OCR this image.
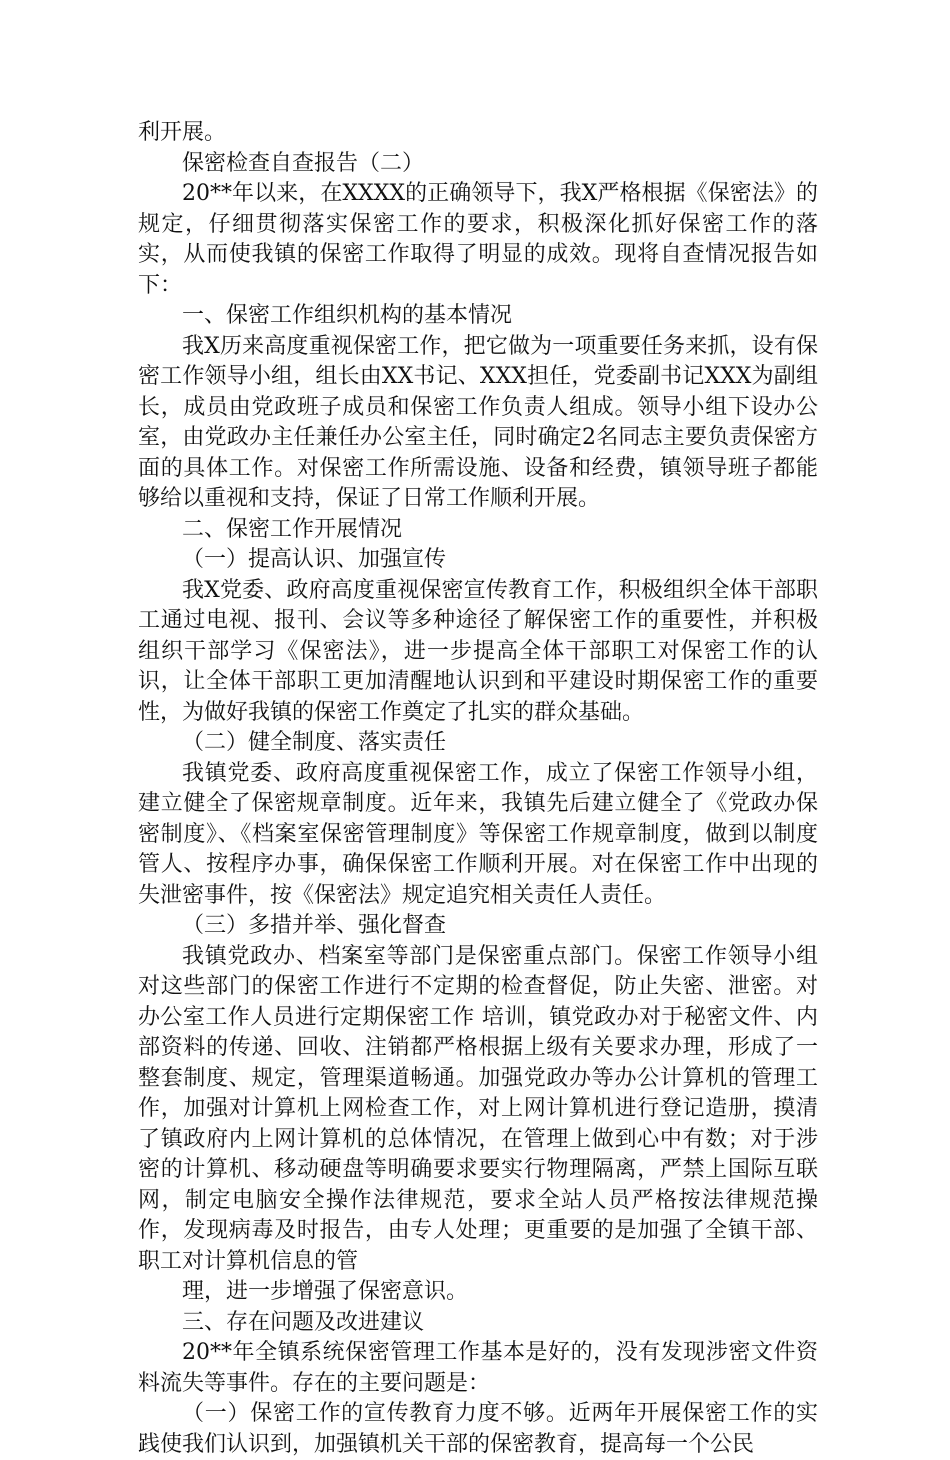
利开展。

保密检查自查报告（二）

20**年以来，在XXXX的正确领导下，我X严格根据《保密法》的规定，仔细贯彻落实保密工作的要求，积极深化抓好保密工作的落实，从而使我镇的保密工作取得了明显的成效。现将自查情况报告如下：

一、保密工作组织机构的基本情况

我X历来高度重视保密工作，把它做为一项重要任务来抓，设有保密工作领导小组，组长由XX书记、XXX担任，党委副书记XXX为副组长，成员由党政班子成员和保密工作负责人组成。领导小组下设办公室，由党政办主任兼任办公室主任，同时确定2名同志主要负责保密方面的具体工作。对保密工作所需设施、设备和经费，镇领导班子都能够给以重视和支持，保证了日常工作顺利开展。

二、保密工作开展情况

（一）提高认识、加强宣传

我X党委、政府高度重视保密宣传教育工作，积极组织全体干部职工通过电视、报刊、会议等多种途径了解保密工作的重要性，并积极组织干部学习《保密法》，进一步提高全体干部职工对保密工作的认识，让全体干部职工更加清醒地认识到和平建设时期保密工作的重要性，为做好我镇的保密工作奠定了扎实的群众基础。

（二）健全制度、落实责任

我镇党委、政府高度重视保密工作，成立了保密工作领导小组，建立健全了保密规章制度。近年来，我镇先后建立健全了《党政办保密制度》、《档案室保密管理制度》等保密工作规章制度，做到以制度管人、按程序办事，确保保密工作顺利开展。对在保密工作中出现的失泄密事件，按《保密法》规定追究相关责任人责任。

（三）多措并举、强化督查

我镇党政办、档案室等部门是保密重点部门。保密工作领导小组对这些部门的保密工作进行不定期的检查督促，防止失密、泄密。对办公室工作人员进行定期保密工作 培训，镇党政办对于秘密文件、内部资料的传递、回收、注销都严格根据上级有关要求办理，形成了一整套制度、规定，管理渠道畅通。加强党政办等办公计算机的管理工作，加强对计算机上网检查工作，对上网计算机进行登记造册，摸清了镇政府内上网计算机的总体情况，在管理上做到心中有数；对于涉密的计算机、移动硬盘等明确要求要实行物理隔离，严禁上国际互联网，制定电脑安全操作法律规范，要求全站人员严格按法律规范操作，发现病毒及时报告，由专人处理；更重要的是加强了全镇干部、职工对计算机信息的管

理，进一步增强了保密意识。

三、存在问题及改进建议

20**年全镇系统保密管理工作基本是好的，没有发现涉密文件资料流失等事件。存在的主要问题是：

（一）保密工作的宣传教育力度不够。近两年开展保密工作的实践使我们认识到，加强镇机关干部的保密教育，提高每一个公民
